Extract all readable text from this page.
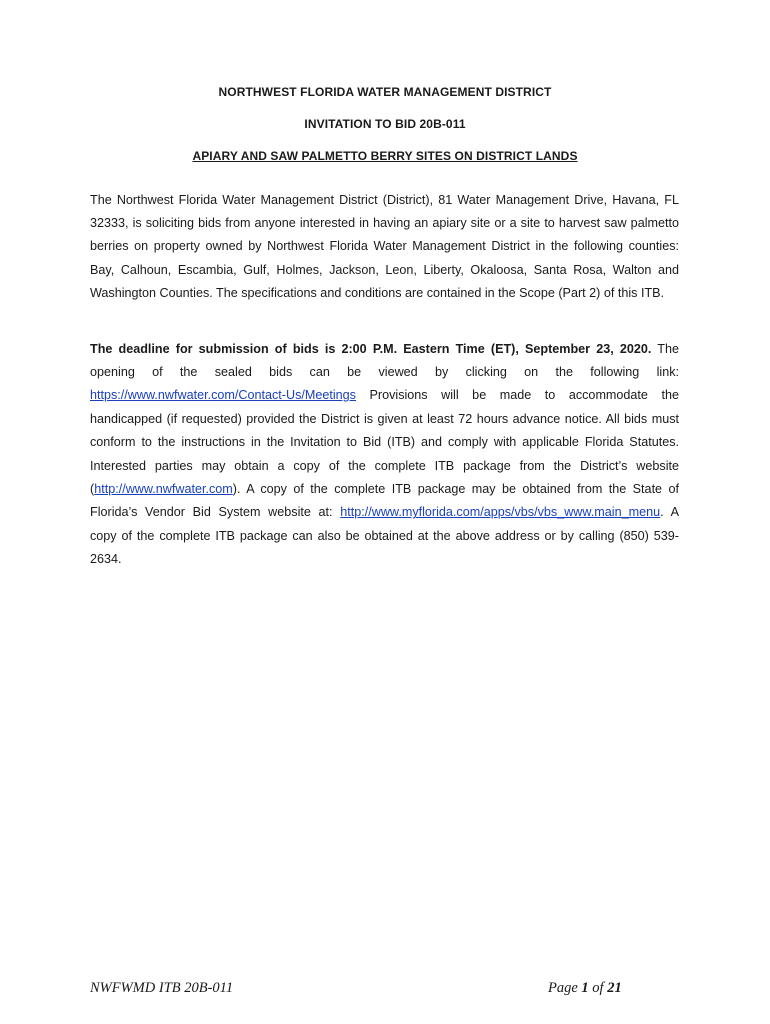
NORTHWEST FLORIDA WATER MANAGEMENT DISTRICT
INVITATION TO BID 20B-011
APIARY AND SAW PALMETTO BERRY SITES ON DISTRICT LANDS

The Northwest Florida Water Management District (District), 81 Water Management Drive, Havana, FL 32333, is soliciting bids from anyone interested in having an apiary site or a site to harvest saw palmetto berries on property owned by Northwest Florida Water Management District in the following counties: Bay, Calhoun, Escambia, Gulf, Holmes, Jackson, Leon, Liberty, Okaloosa, Santa Rosa, Walton and Washington Counties. The specifications and conditions are contained in the Scope (Part 2) of this ITB.

The deadline for submission of bids is 2:00 P.M. Eastern Time (ET), September 23, 2020. The opening of the sealed bids can be viewed by clicking on the following link: https://www.nwfwater.com/Contact-Us/Meetings Provisions will be made to accommodate the handicapped (if requested) provided the District is given at least 72 hours advance notice. All bids must conform to the instructions in the Invitation to Bid (ITB) and comply with applicable Florida Statutes. Interested parties may obtain a copy of the complete ITB package from the District’s website (http://www.nwfwater.com). A copy of the complete ITB package may be obtained from the State of Florida’s Vendor Bid System website at: http://www.myflorida.com/apps/vbs/vbs_www.main_menu. A copy of the complete ITB package can also be obtained at the above address or by calling (850) 539-2634.

NWFWMD ITB 20B-011	Page 1 of 21
